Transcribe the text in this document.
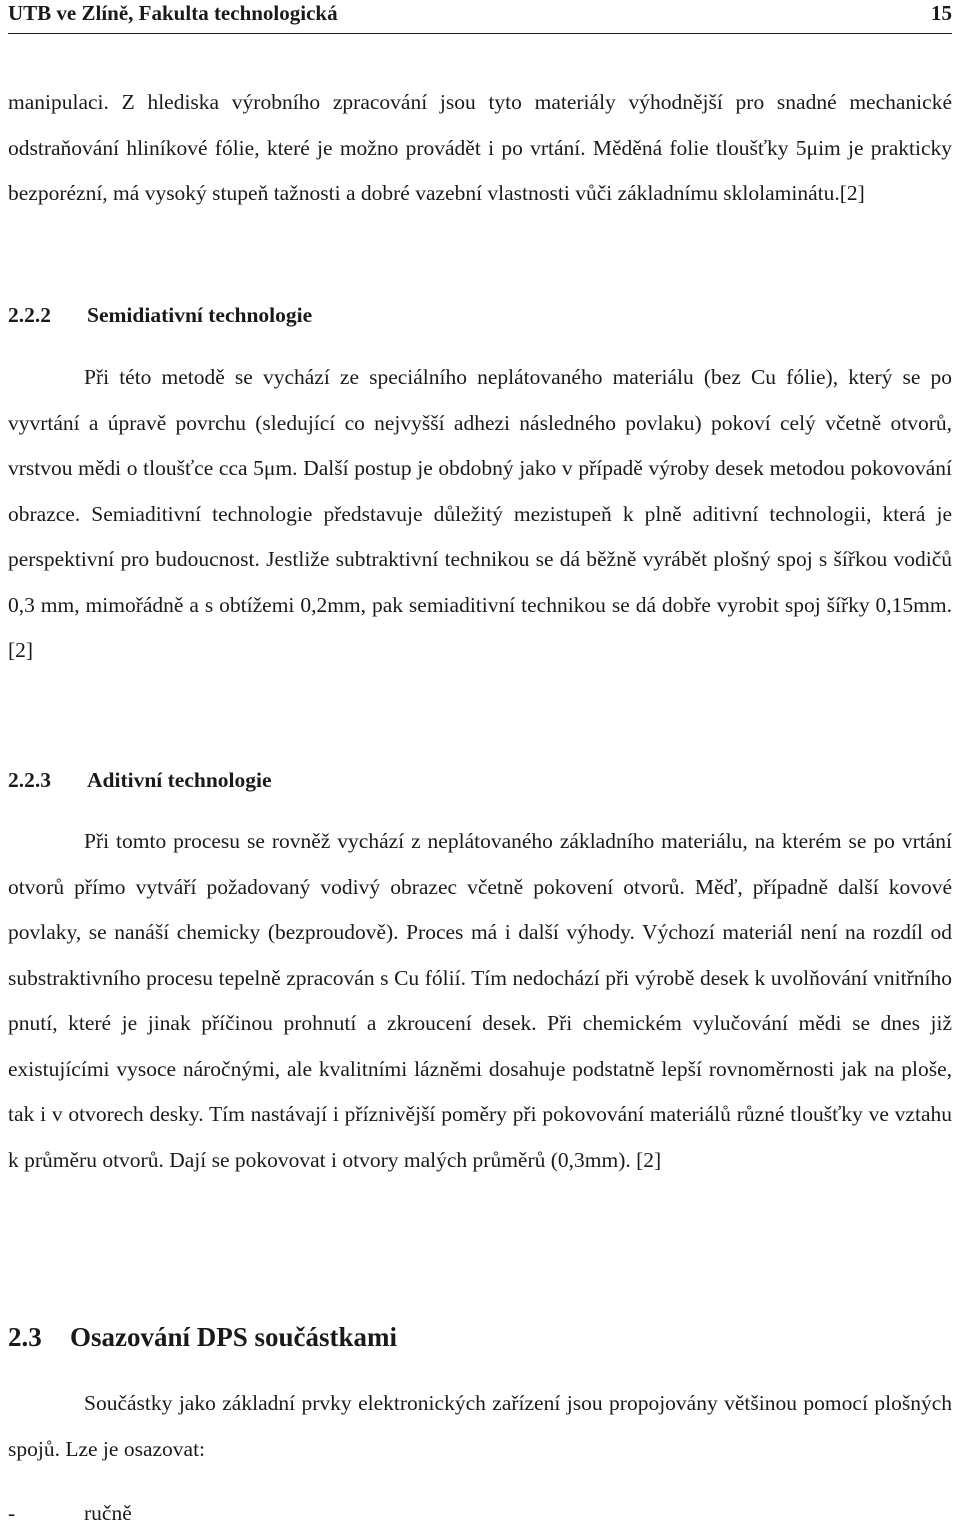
UTB ve Zlíně, Fakulta technologická	15

manipulaci. Z hlediska výrobního zpracování jsou tyto materiály výhodnější pro snadné mechanické odstraňování hliníkové fólie, které je možno provádět i po vrtání. Měděná folie tloušťky 5μim je prakticky bezporézní, má vysoký stupeň tažnosti a dobré vazební vlastnosti vůči základnímu sklolaminátu.[2]

2.2.2 Semidiativní technologie

Při této metodě se vychází ze speciálního neplátovaného materiálu (bez Cu fólie), který se po vyvrtání a úpravě povrchu (sledující co nejvyšší adhezi následného povlaku) pokoví celý včetně otvorů, vrstvou mědi o tloušťce cca 5μm. Další postup je obdobný jako v případě výroby desek metodou pokovování obrazce. Semiaditivní technologie představuje důležitý mezistupeň k plně aditivní technologii, která je perspektivní pro budoucnost. Jestliže subtraktivní technikou se dá běžně vyrábět plošný spoj s šířkou vodičů 0,3 mm, mimořádně a s obtížemi 0,2mm, pak semiaditivní technikou se dá dobře vyrobit spoj šířky 0,15mm. [2]

2.2.3 Aditivní technologie

Při tomto procesu se rovněž vychází z neplátovaného základního materiálu, na kterém se po vrtání otvorů přímo vytváří požadovaný vodivý obrazec včetně pokovení otvorů. Měď, případně další kovové povlaky, se nanáší chemicky (bezproudově). Proces má i další výhody. Výchozí materiál není na rozdíl od substraktivního procesu tepelně zpracován s Cu fólií. Tím nedochází při výrobě desek k uvolňování vnitřního pnutí, které je jinak příčinou prohnutí a zkroucení desek. Při chemickém vylučování mědi se dnes již existujícími vysoce náročnými, ale kvalitními lázněmi dosahuje podstatně lepší rovnoměrnosti jak na ploše, tak i v otvorech desky. Tím nastávají i příznivější poměry při pokovování materiálů různé tloušťky ve vztahu k průměru otvorů. Dají se pokovovat i otvory malých průměrů (0,3mm). [2]

2.3 Osazování DPS součástkami

Součástky jako základní prvky elektronických zařízení jsou propojovány většinou pomocí plošných spojů. Lze je osazovat:

-	ručně
